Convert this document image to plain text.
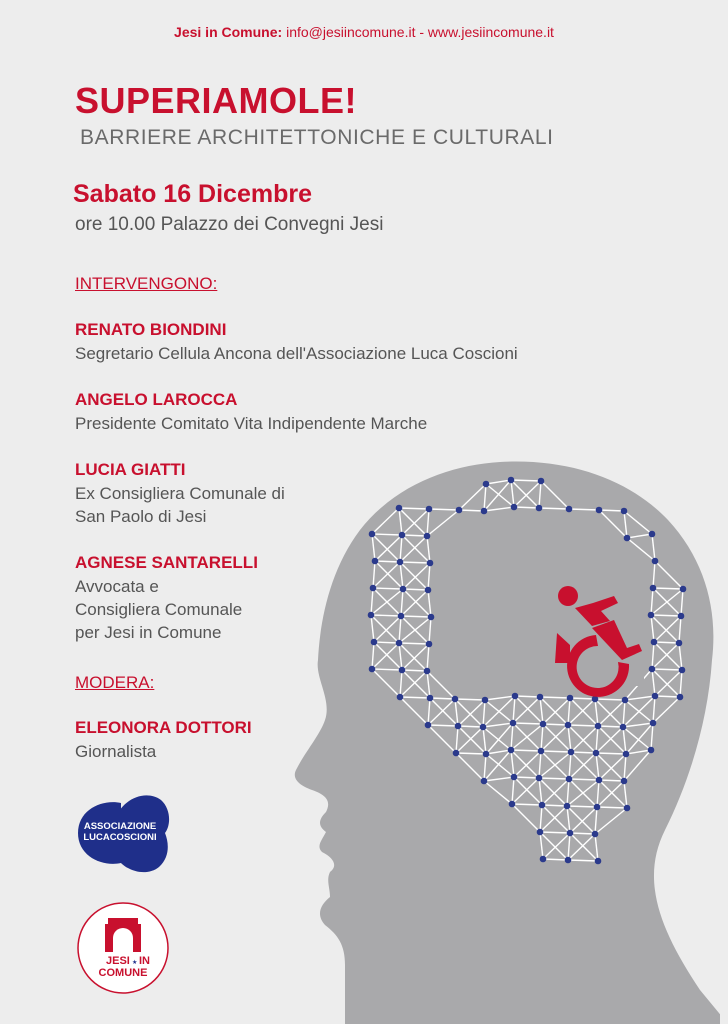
Jesi in Comune: info@jesiincomune.it - www.jesiincomune.it
SUPERIAMOLE!
BARRIERE ARCHITETTONICHE E CULTURALI
Sabato 16 Dicembre
ore 10.00 Palazzo dei Convegni Jesi
INTERVENGONO:
RENATO BIONDINI
Segretario Cellula Ancona dell'Associazione Luca Coscioni
ANGELO LAROCCA
Presidente Comitato Vita Indipendente Marche
LUCIA GIATTI
Ex Consigliera Comunale di
San Paolo di Jesi
AGNESE SANTARELLI
Avvocata e
Consigliera Comunale
per Jesi in Comune
MODERA:
ELEONORA DOTTORI
Giornalista
ASSOCIAZIONE
LUCACOSCIONI
JESI ★ IN
COMUNE
